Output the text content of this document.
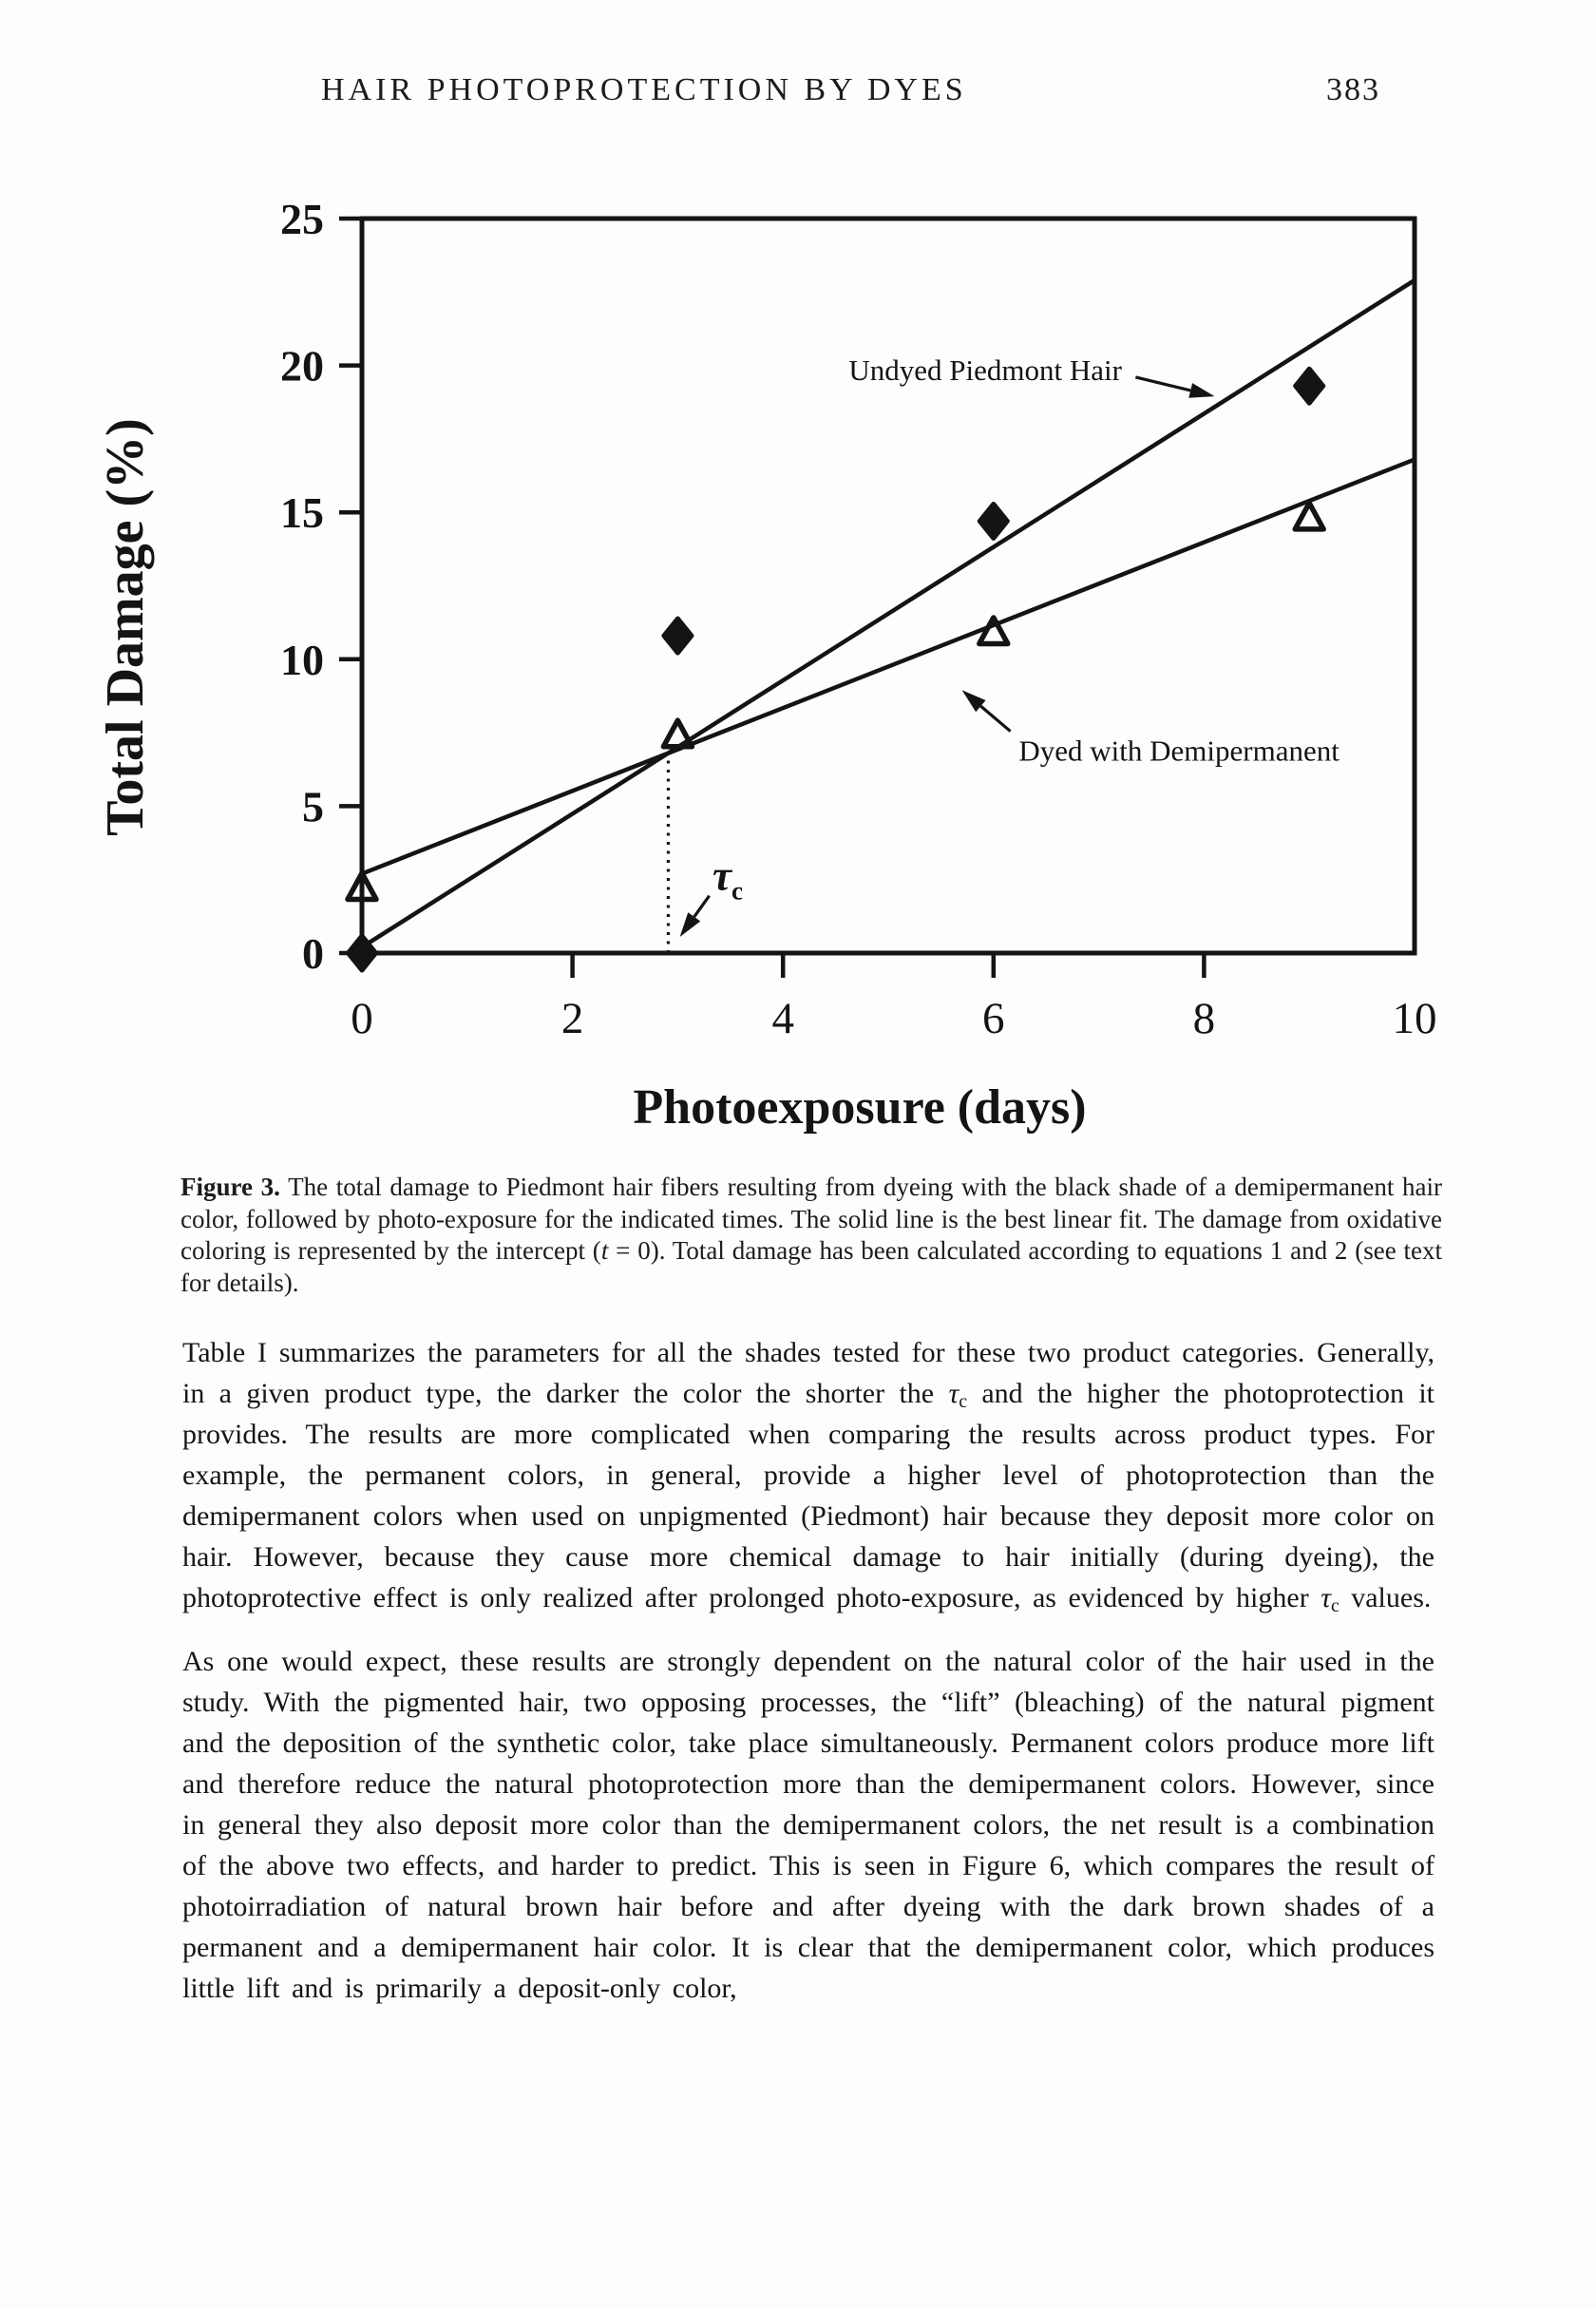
HAIR PHOTOPROTECTION BY DYES	383
0
5
10
15
20
25
0	2	4	6	8	10
Photoexposure (days)
Total Damage (%)
Undyed Piedmont Hair
Dyed with Demipermanent
$\tau_c$

Figure 3. The total damage to Piedmont hair fibers resulting from dyeing with the black shade of a demipermanent hair color, followed by photo-exposure for the indicated times. The solid line is the best linear fit. The damage from oxidative coloring is represented by the intercept (t = 0). Total damage has been calculated according to equations 1 and 2 (see text for details).

Table I summarizes the parameters for all the shades tested for these two product categories. Generally, in a given product type, the darker the color the shorter the $\tau_c$ and the higher the photoprotection it provides. The results are more complicated when comparing the results across product types. For example, the permanent colors, in general, provide a higher level of photoprotection than the demipermanent colors when used on unpigmented (Piedmont) hair because they deposit more color on hair. However, because they cause more chemical damage to hair initially (during dyeing), the photoprotective effect is only realized after prolonged photo-exposure, as evidenced by higher $\tau_c$ values.

As one would expect, these results are strongly dependent on the natural color of the hair used in the study. With the pigmented hair, two opposing processes, the “lift” (bleaching) of the natural pigment and the deposition of the synthetic color, take place simultaneously. Permanent colors produce more lift and therefore reduce the natural photoprotection more than the demipermanent colors. However, since in general they also deposit more color than the demipermanent colors, the net result is a combination of the above two effects, and harder to predict. This is seen in Figure 6, which compares the result of photoirradiation of natural brown hair before and after dyeing with the dark brown shades of a permanent and a demipermanent hair color. It is clear that the demipermanent color, which produces little lift and is primarily a deposit-only color,
